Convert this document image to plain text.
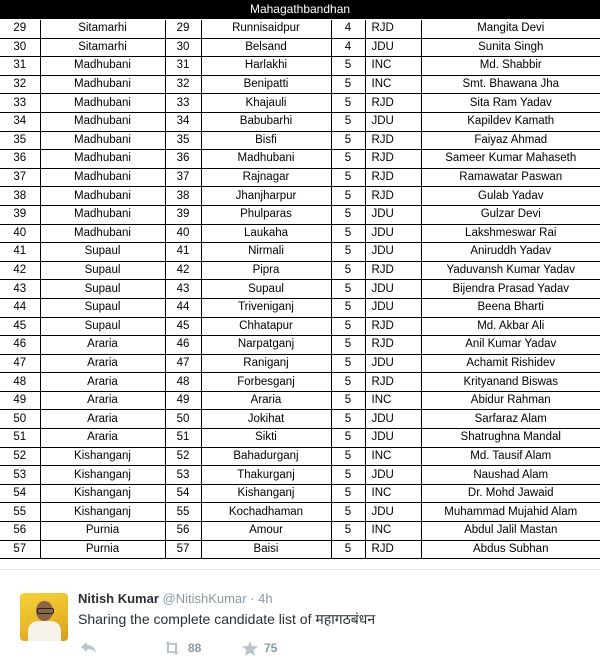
Mahagathbandhan
29	Sitamarhi	29	Runnisaidpur	4	RJD	Mangita Devi
30	Sitamarhi	30	Belsand	4	JDU	Sunita Singh
31	Madhubani	31	Harlakhi	5	INC	Md. Shabbir
32	Madhubani	32	Benipatti	5	INC	Smt. Bhawana Jha
33	Madhubani	33	Khajauli	5	RJD	Sita Ram Yadav
34	Madhubani	34	Babubarhi	5	JDU	Kapildev Kamath
35	Madhubani	35	Bisfi	5	RJD	Faiyaz Ahmad
36	Madhubani	36	Madhubani	5	RJD	Sameer Kumar Mahaseth
37	Madhubani	37	Rajnagar	5	RJD	Ramawatar Paswan
38	Madhubani	38	Jhanjharpur	5	RJD	Gulab Yadav
39	Madhubani	39	Phulparas	5	JDU	Gulzar Devi
40	Madhubani	40	Laukaha	5	JDU	Lakshmeswar Rai
41	Supaul	41	Nirmali	5	JDU	Aniruddh Yadav
42	Supaul	42	Pipra	5	RJD	Yaduvansh Kumar Yadav
43	Supaul	43	Supaul	5	JDU	Bijendra Prasad Yadav
44	Supaul	44	Triveniganj	5	JDU	Beena Bharti
45	Supaul	45	Chhatapur	5	RJD	Md. Akbar Ali
46	Araria	46	Narpatganj	5	RJD	Anil Kumar Yadav
47	Araria	47	Raniganj	5	JDU	Achamit Rishidev
48	Araria	48	Forbesganj	5	RJD	Krityanand Biswas
49	Araria	49	Araria	5	INC	Abidur Rahman
50	Araria	50	Jokihat	5	JDU	Sarfaraz Alam
51	Araria	51	Sikti	5	JDU	Shatrughna Mandal
52	Kishanganj	52	Bahadurganj	5	INC	Md. Tausif Alam
53	Kishanganj	53	Thakurganj	5	JDU	Naushad Alam
54	Kishanganj	54	Kishanganj	5	INC	Dr. Mohd Jawaid
55	Kishanganj	55	Kochadhaman	5	JDU	Muhammad Mujahid Alam
56	Purnia	56	Amour	5	INC	Abdul Jalil Mastan
57	Purnia	57	Baisi	5	RJD	Abdus Subhan
Nitish Kumar @NitishKumar · 4h
Sharing the complete candidate list of महागठबंधन
88	75
